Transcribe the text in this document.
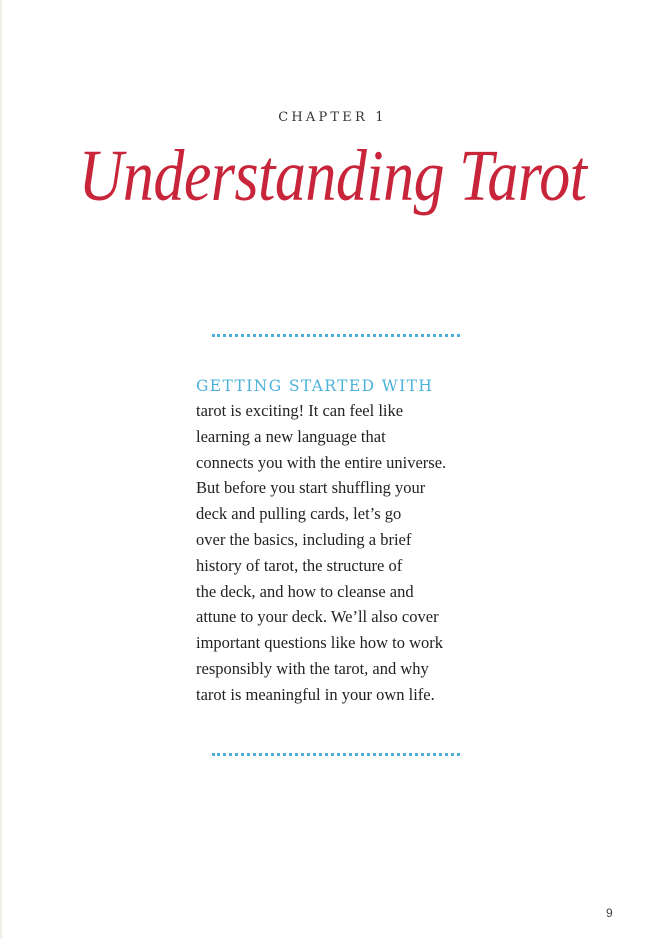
CHAPTER 1
Understanding Tarot
GETTING STARTED WITH
tarot is exciting! It can feel like
learning a new language that
connects you with the entire universe.
But before you start shuffling your
deck and pulling cards, let’s go
over the basics, including a brief
history of tarot, the structure of
the deck, and how to cleanse and
attune to your deck. We’ll also cover
important questions like how to work
responsibly with the tarot, and why
tarot is meaningful in your own life.
9
